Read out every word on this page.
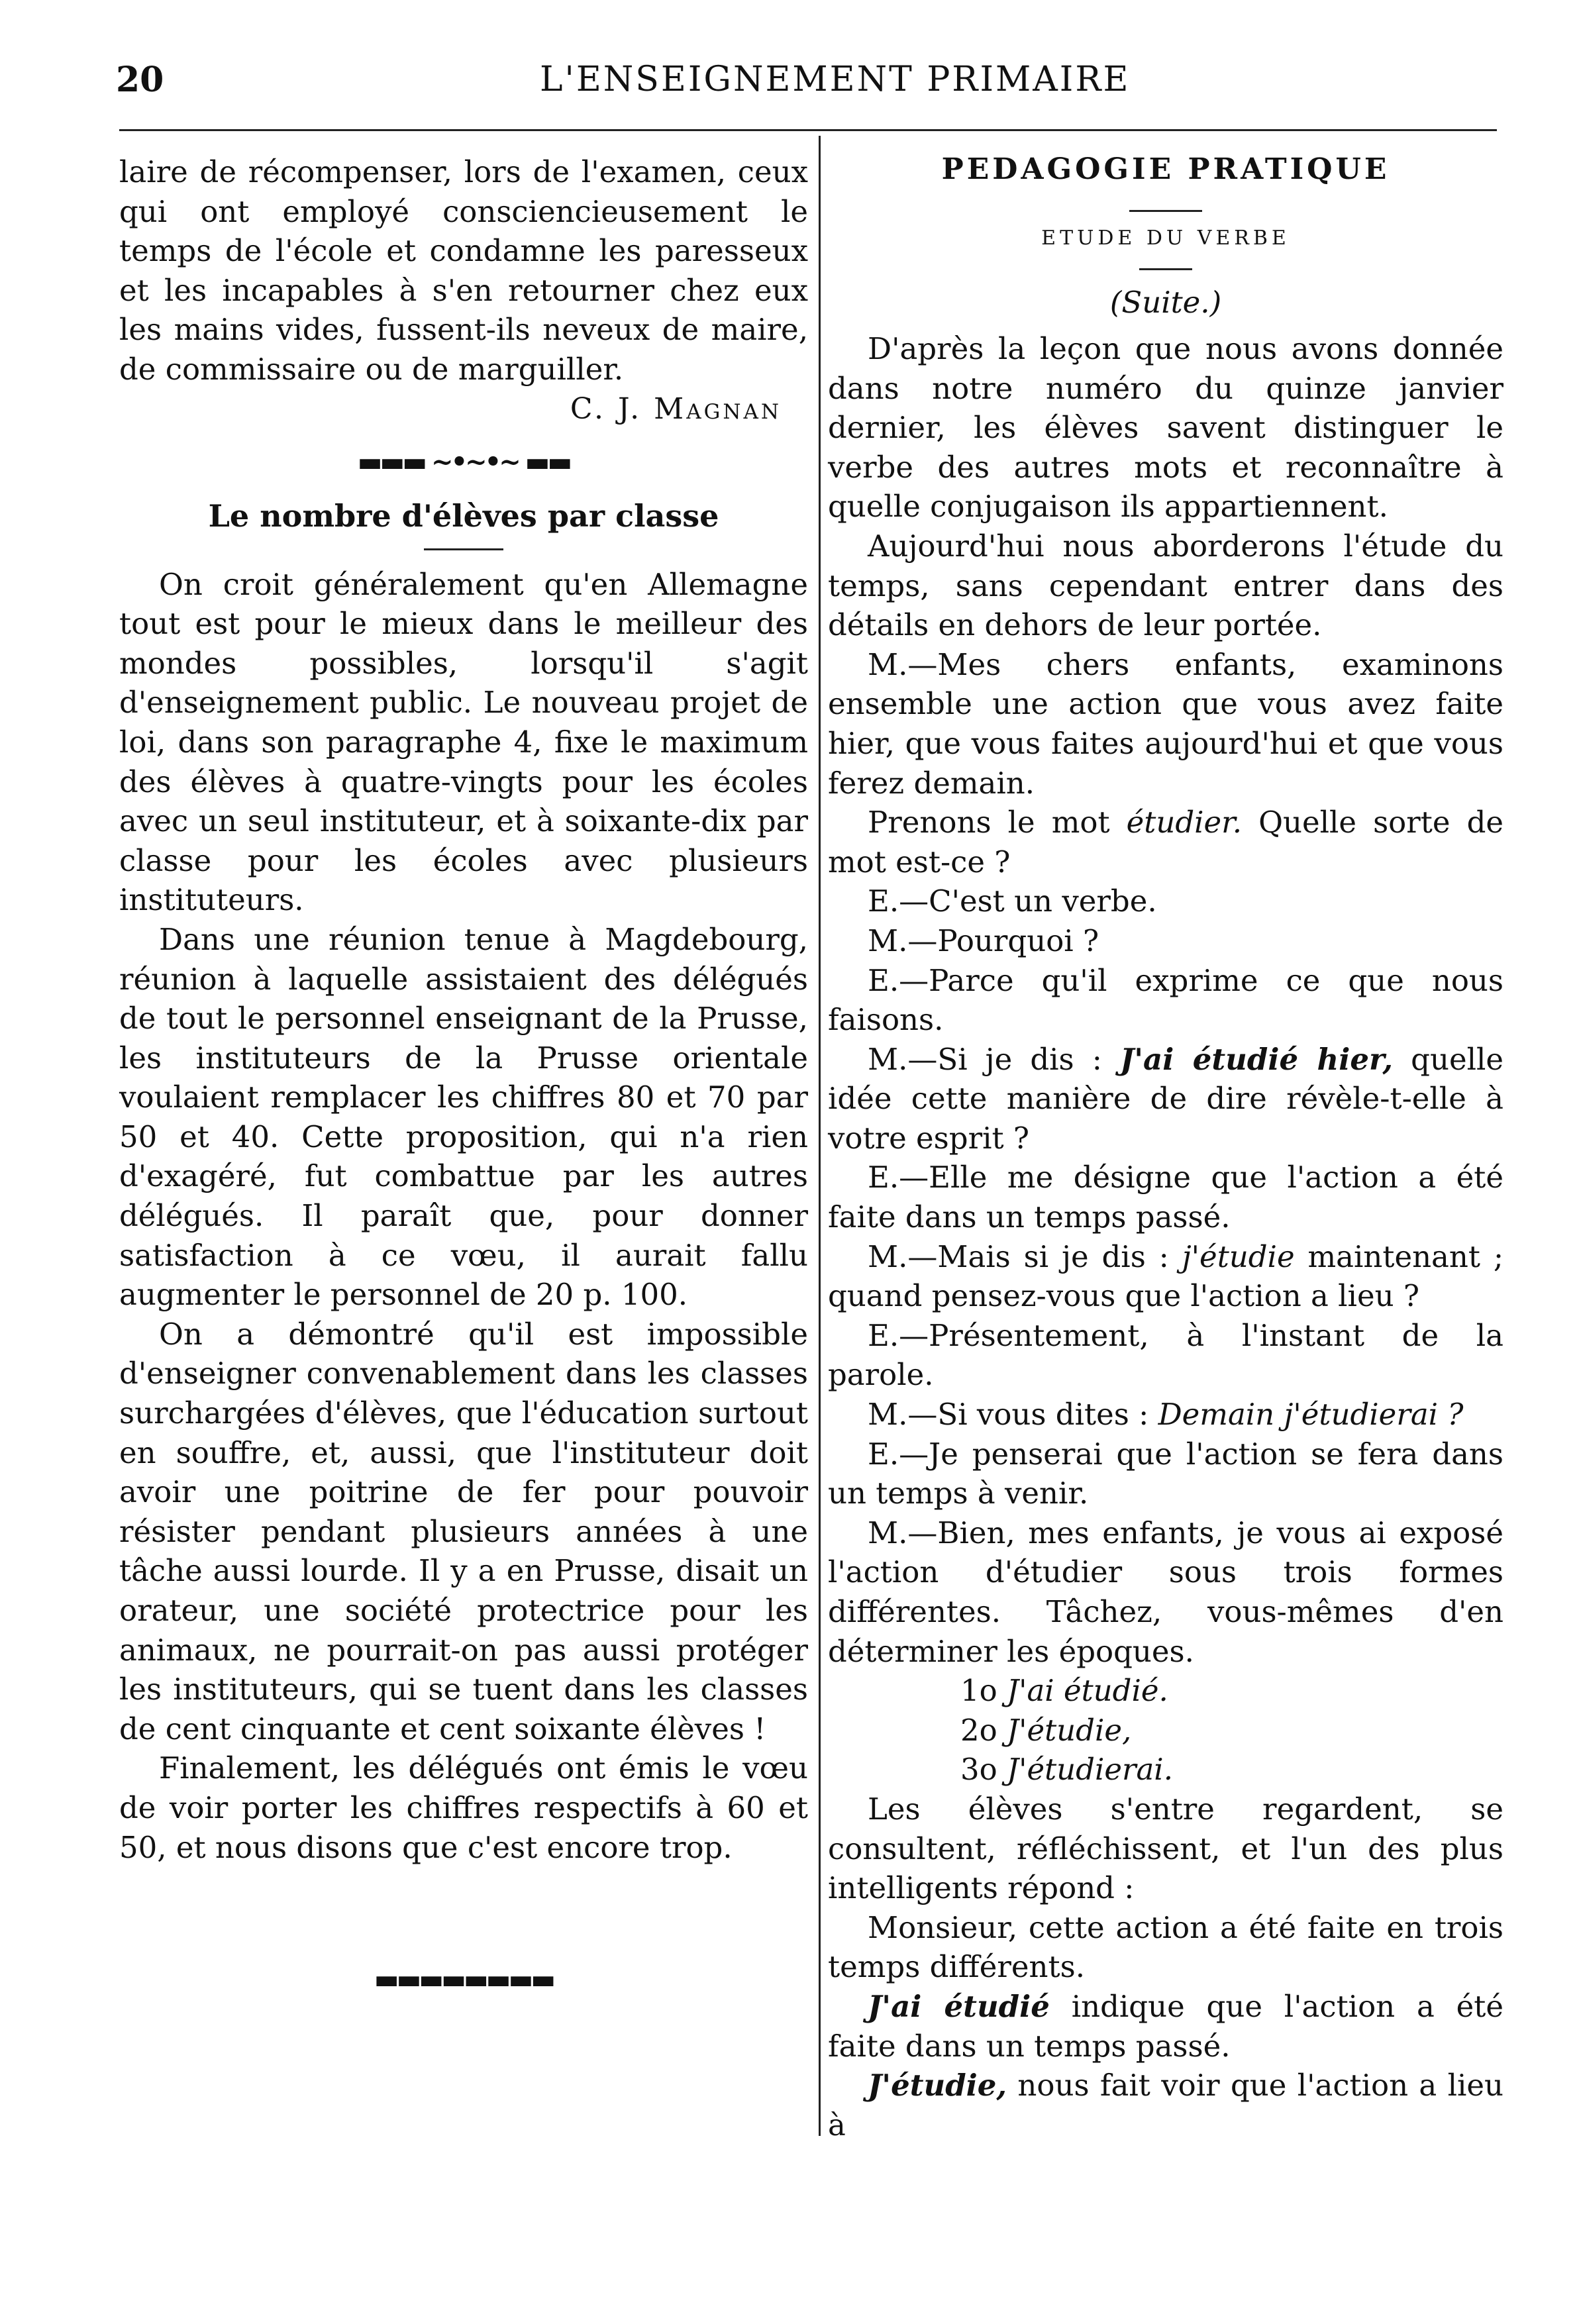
20	L'ENSEIGNEMENT PRIMAIRE

laire de récompenser, lors de l'examen, ceux qui ont employé consciencieusement le temps de l'école et condamne les paresseux et les incapables à s'en retourner chez eux les mains vides, fussent-ils neveux de maire, de commissaire ou de marguiller.

C. J. Magnan
▬▬▬ ~•~•~ ▬▬
Le nombre d'élèves par classe

On croit généralement qu'en Allemagne tout est pour le mieux dans le meilleur des mondes possibles, lorsqu'il s'agit d'enseignement public. Le nouveau projet de loi, dans son paragraphe 4, fixe le maximum des élèves à quatre-vingts pour les écoles avec un seul instituteur, et à soixante-dix par classe pour les écoles avec plusieurs instituteurs.

Dans une réunion tenue à Magdebourg, réunion à laquelle assistaient des délégués de tout le personnel enseignant de la Prusse, les instituteurs de la Prusse orientale voulaient remplacer les chiffres 80 et 70 par 50 et 40. Cette proposition, qui n'a rien d'exagéré, fut combattue par les autres délégués. Il paraît que, pour donner satisfaction à ce vœu, il aurait fallu augmenter le personnel de 20 p. 100.

On a démontré qu'il est impossible d'enseigner convenablement dans les classes surchargées d'élèves, que l'éducation surtout en souffre, et, aussi, que l'instituteur doit avoir une poitrine de fer pour pouvoir résister pendant plusieurs années à une tâche aussi lourde. Il y a en Prusse, disait un orateur, une société protectrice pour les animaux, ne pourrait-on pas aussi protéger les instituteurs, qui se tuent dans les classes de cent cinquante et cent soixante élèves !

Finalement, les délégués ont émis le vœu de voir porter les chiffres respectifs à 60 et 50, et nous disons que c'est encore trop.

▬▬▬▬▬▬▬▬
PEDAGOGIE PRATIQUE
ETUDE DU VERBE
(Suite.)

D'après la leçon que nous avons donnée dans notre numéro du quinze janvier dernier, les élèves savent distinguer le verbe des autres mots et reconnaître à quelle conjugaison ils appartiennent.

Aujourd'hui nous aborderons l'étude du temps, sans cependant entrer dans des détails en dehors de leur portée.

M.—Mes chers enfants, examinons ensemble une action que vous avez faite hier, que vous faites aujourd'hui et que vous ferez demain.

Prenons le mot étudier. Quelle sorte de mot est-ce ?

E.—C'est un verbe.

M.—Pourquoi ?

E.—Parce qu'il exprime ce que nous faisons.

M.—Si je dis : J'ai étudié hier, quelle idée cette manière de dire révèle-t-elle à votre esprit ?

E.—Elle me désigne que l'action a été faite dans un temps passé.

M.—Mais si je dis : j'étudie maintenant ; quand pensez-vous que l'action a lieu ?

E.—Présentement, à l'instant de la parole.

M.—Si vous dites : Demain j'étudierai ?

E.—Je penserai que l'action se fera dans un temps à venir.

M.—Bien, mes enfants, je vous ai exposé l'action d'étudier sous trois formes différentes. Tâchez, vous-mêmes d'en déterminer les époques.

1o J'ai étudié.
2o J'étudie,
3o J'étudierai.

Les élèves s'entre regardent, se consultent, réfléchissent, et l'un des plus intelligents répond :

Monsieur, cette action a été faite en trois temps différents.

J'ai étudié indique que l'action a été faite dans un temps passé.

J'étudie, nous fait voir que l'action a lieu à
